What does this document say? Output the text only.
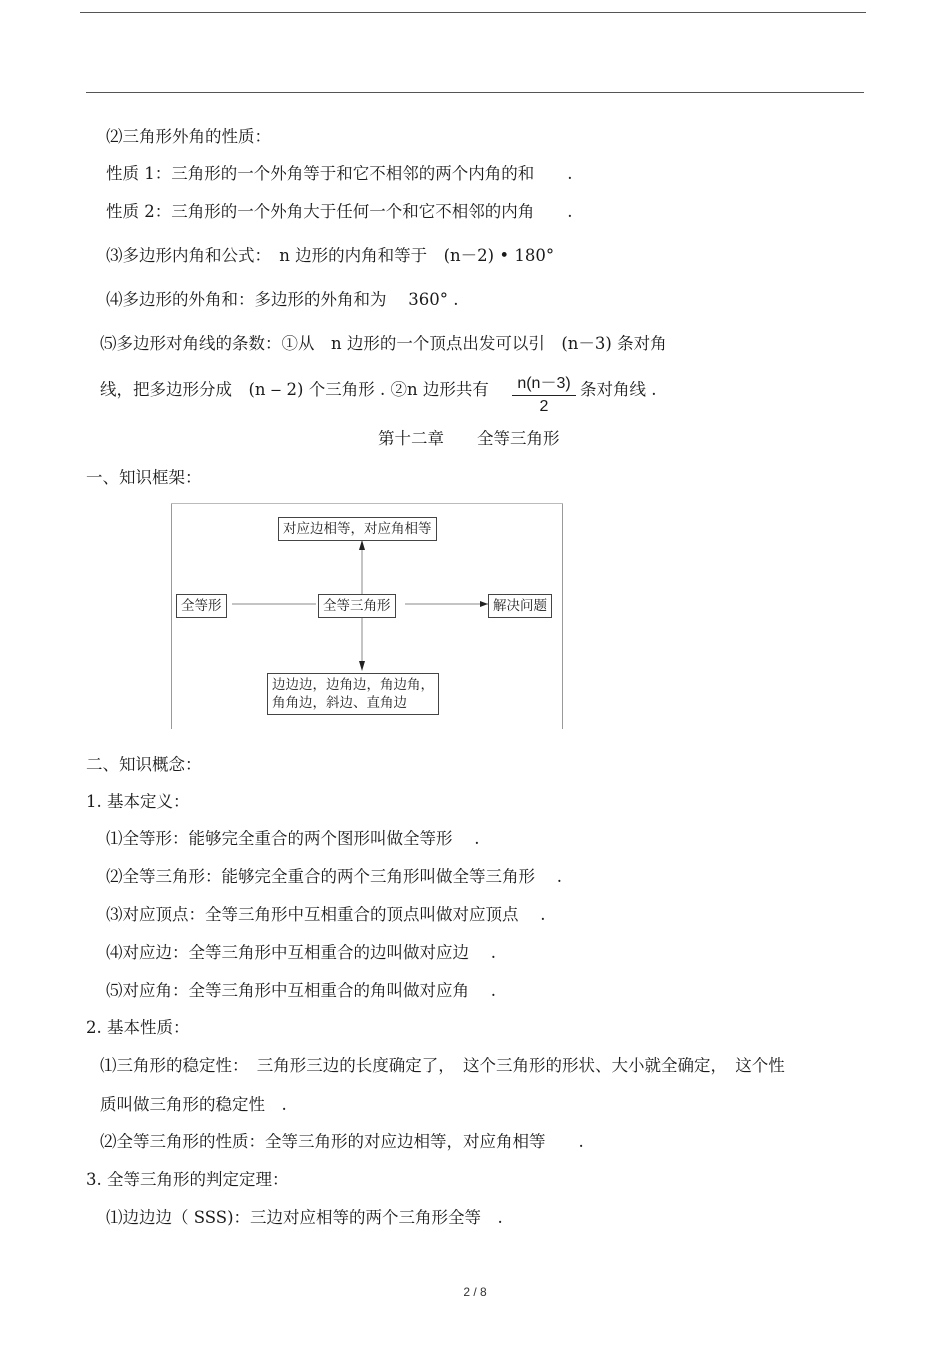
⑵三角形外角的性质：
性质 1：三角形的一个外角等于和它不相邻的两个内角的和　　.
性质 2：三角形的一个外角大于任何一个和它不相邻的内角　　.
⑶多边形内角和公式：　n 边形的内角和等于　(n－2) • 180°
⑷多边形的外角和：多边形的外角和为　 360° .
⑸多边形对角线的条数：①从　n 边形的一个顶点出发可以引　(n－3) 条对角
线，把多边形分成　(n ‒ 2) 个三角形 . ②n 边形共有	n(n－3)
2
条对角线 .
第十二章　　全等三角形
一、知识框架：
对应边相等，对应角相等
全等形	全等三角形	解决问题
边边边，边角边，角边角，
角角边，斜边、直角边
二、知识概念：
1. 基本定义：
⑴全等形：能够完全重合的两个图形叫做全等形　 .
⑵全等三角形：能够完全重合的两个三角形叫做全等三角形　 .
⑶对应顶点：全等三角形中互相重合的顶点叫做对应顶点　 .
⑷对应边：全等三角形中互相重合的边叫做对应边　 .
⑸对应角：全等三角形中互相重合的角叫做对应角　 .
2. 基本性质：
⑴三角形的稳定性：　三角形三边的长度确定了，　这个三角形的形状、大小就全确定，　这个性
质叫做三角形的稳定性　.
⑵全等三角形的性质：全等三角形的对应边相等，对应角相等　　.
3. 全等三角形的判定定理：
⑴边边边（ SSS)：三边对应相等的两个三角形全等　.
2 / 8
